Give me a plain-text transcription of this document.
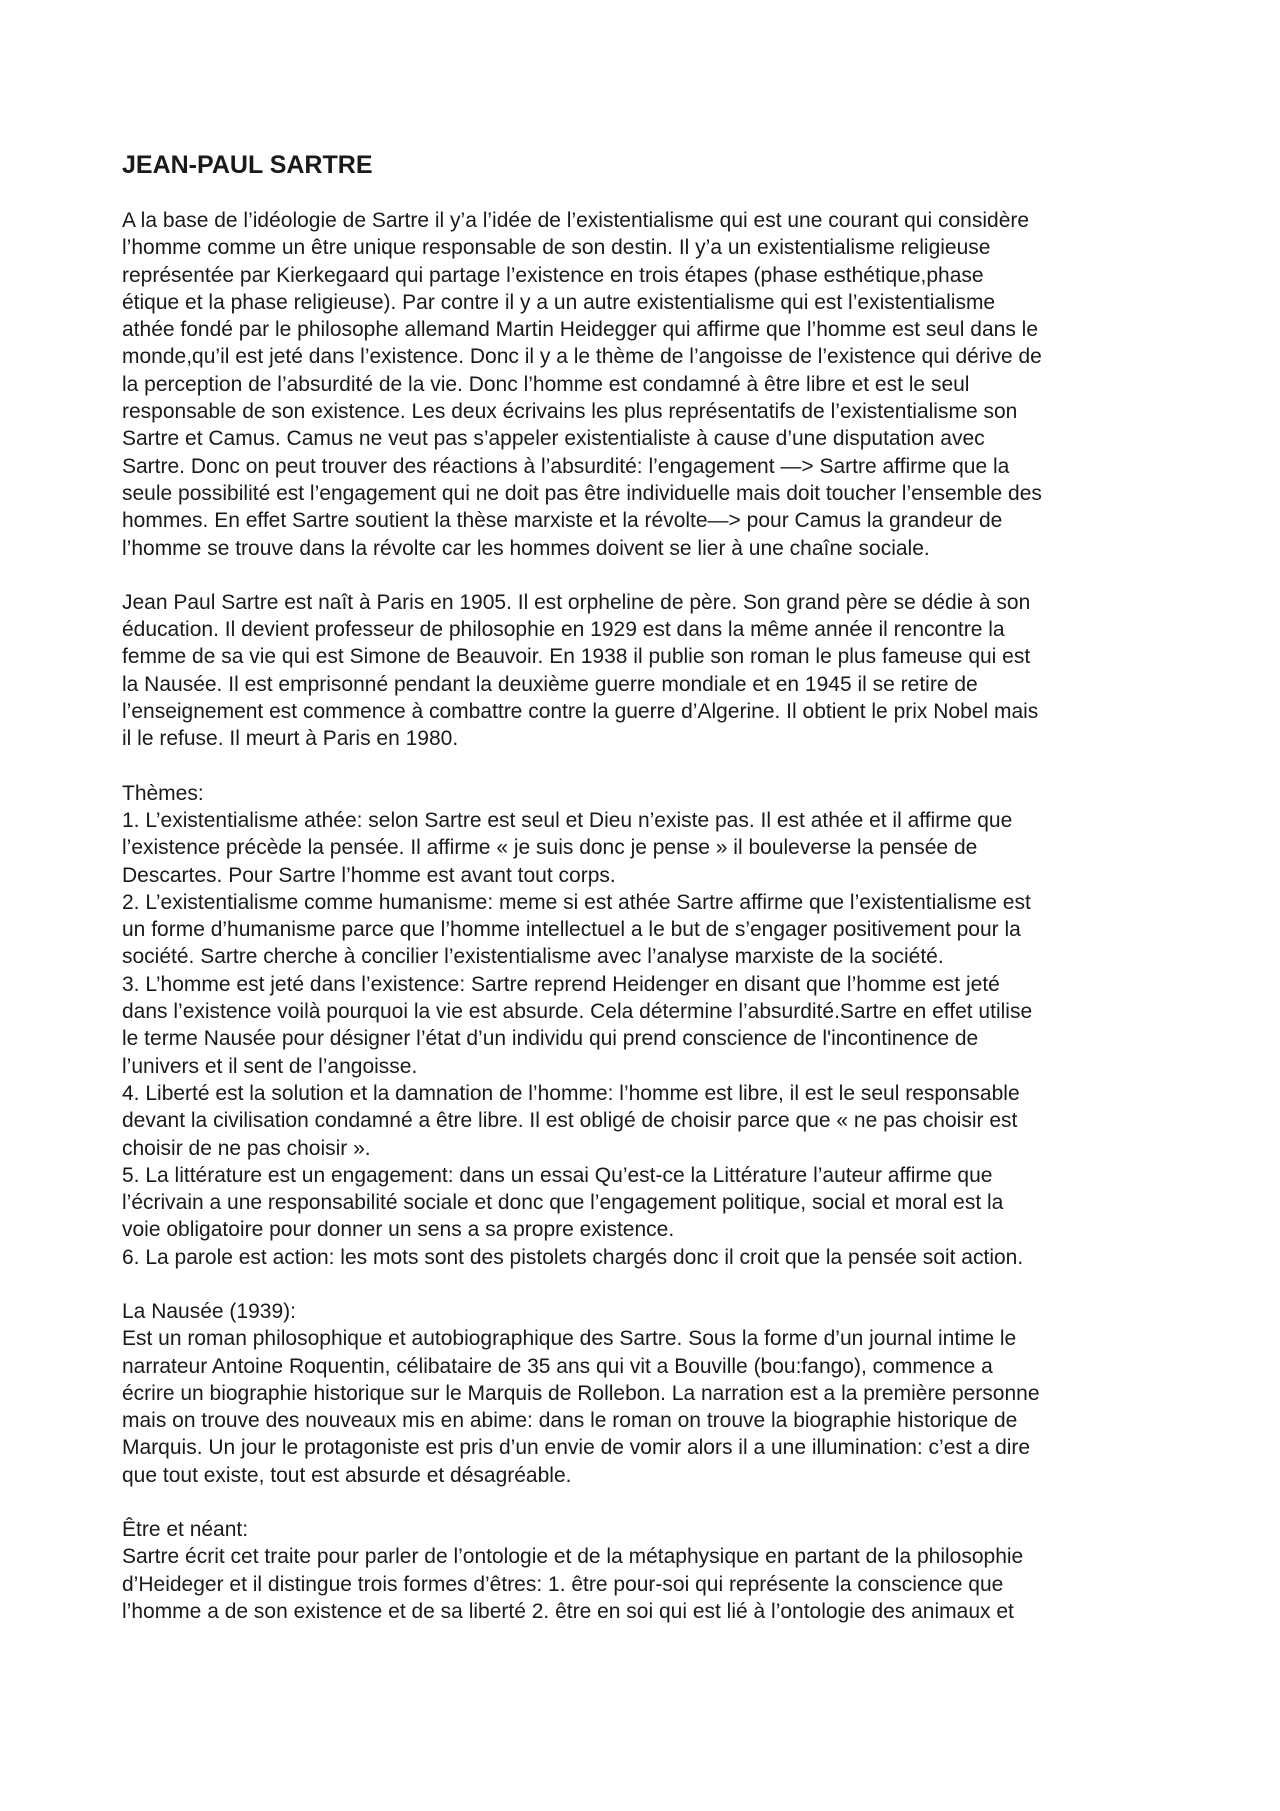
JEAN-PAUL SARTRE
A la base de l’idéologie de Sartre il y’a l’idée de l’existentialisme qui est une courant qui considère
l’homme comme un être unique responsable de son destin. Il y’a un existentialisme religieuse
représentée par Kierkegaard qui partage l’existence en trois étapes (phase esthétique,phase
étique et la phase religieuse). Par contre il y a un autre existentialisme qui est l’existentialisme
athée fondé par le philosophe allemand Martin Heidegger qui affirme que l’homme est seul dans le
monde,qu’il est jeté dans l’existence. Donc il y a le thème de l’angoisse de l’existence qui dérive de
la perception de l’absurdité de la vie. Donc l’homme est condamné à être libre et est le seul
responsable de son existence. Les deux écrivains les plus représentatifs de l’existentialisme son
Sartre et Camus. Camus ne veut pas s’appeler existentialiste à cause d’une disputation avec
Sartre. Donc on peut trouver des réactions à l’absurdité: l’engagement —> Sartre affirme que la
seule possibilité est l’engagement qui ne doit pas être individuelle mais doit toucher l’ensemble des
hommes. En effet Sartre soutient la thèse marxiste et la révolte—> pour Camus la grandeur de
l’homme se trouve dans la révolte car les hommes doivent se lier à une chaîne sociale.
Jean Paul Sartre est naît à Paris en 1905. Il est orpheline de père. Son grand père se dédie à son
éducation. Il devient professeur de philosophie en 1929 est dans la même année il rencontre la
femme de sa vie qui est Simone de Beauvoir. En 1938 il publie son roman le plus fameuse qui est
la Nausée. Il est emprisonné pendant la deuxième guerre mondiale et en 1945 il se retire de
l’enseignement est commence à combattre contre la guerre d’Algerine. Il obtient le prix Nobel mais
il le refuse. Il meurt à Paris en 1980.
Thèmes:
1. L’existentialisme athée: selon Sartre est seul et Dieu n’existe pas. Il est athée et il affirme que
l’existence précède la pensée. Il affirme « je suis donc je pense » il bouleverse la pensée de
Descartes. Pour Sartre l’homme est avant tout corps.
2. L’existentialisme comme humanisme: meme si est athée Sartre affirme que l’existentialisme est
un forme d’humanisme parce que l’homme intellectuel a le but de s’engager positivement pour la
société. Sartre cherche à concilier l’existentialisme avec l’analyse marxiste de la société.
3. L’homme est jeté dans l’existence: Sartre reprend Heidenger en disant que l’homme est jeté
dans l’existence voilà pourquoi la vie est absurde. Cela détermine l’absurdité.Sartre en effet utilise
le terme Nausée pour désigner l’état d’un individu qui prend conscience de l'incontinence de
l’univers et il sent de l’angoisse.
4. Liberté est la solution et la damnation de l’homme: l’homme est libre, il est le seul responsable
devant la civilisation condamné a être libre. Il est obligé de choisir parce que « ne pas choisir est
choisir de ne pas choisir ».
5. La littérature est un engagement: dans un essai Qu’est-ce la Littérature l’auteur affirme que
l’écrivain a une responsabilité sociale et donc que l’engagement politique, social et moral est la
voie obligatoire pour donner un sens a sa propre existence.
6. La parole est action: les mots sont des pistolets chargés donc il croit que la pensée soit action.
La Nausée (1939):
Est un roman philosophique et autobiographique des Sartre. Sous la forme d’un journal intime le
narrateur Antoine Roquentin, célibataire de 35 ans qui vit a Bouville (bou:fango), commence a
écrire un biographie historique sur le Marquis de Rollebon. La narration est a la première personne
mais on trouve des nouveaux mis en abime: dans le roman on trouve la biographie historique de
Marquis. Un jour le protagoniste est pris d’un envie de vomir alors il a une illumination: c’est a dire
que tout existe, tout est absurde et désagréable.
Être et néant:
Sartre écrit cet traite pour parler de l’ontologie et de la métaphysique en partant de la philosophie
d’Heideger et il distingue trois formes d’êtres: 1. être pour-soi qui représente la conscience que
l’homme a de son existence et de sa liberté 2. être en soi qui est lié à l’ontologie des animaux et
